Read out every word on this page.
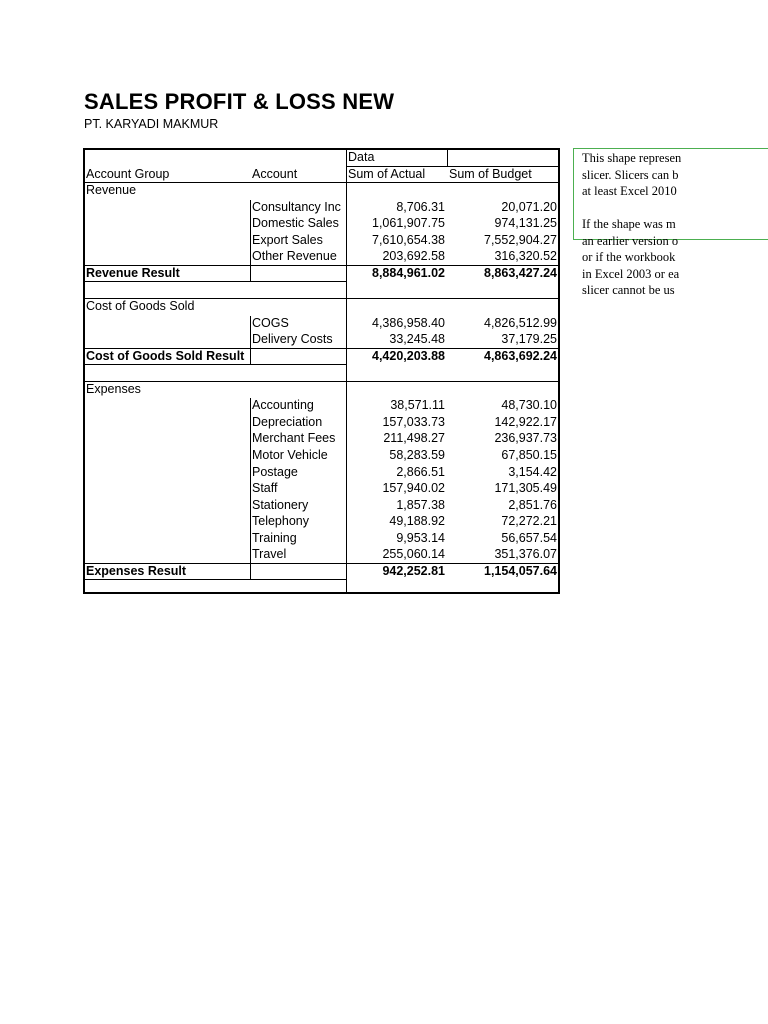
SALES PROFIT & LOSS NEW
PT. KARYADI MAKMUR
Data
Account Group	Account	Sum of Actual	Sum of Budget
Revenue
Consultancy Inc	8,706.31	20,071.20
Domestic Sales	1,061,907.75	974,131.25
Export Sales	7,610,654.38	7,552,904.27
Other Revenue	203,692.58	316,320.52
Revenue Result	8,884,961.02	8,863,427.24
Cost of Goods Sold
COGS	4,386,958.40	4,826,512.99
Delivery Costs	33,245.48	37,179.25
Cost of Goods Sold Result	4,420,203.88	4,863,692.24
Expenses
Accounting	38,571.11	48,730.10
Depreciation	157,033.73	142,922.17
Merchant Fees	211,498.27	236,937.73
Motor Vehicle	58,283.59	67,850.15
Postage	2,866.51	3,154.42
Staff	157,940.02	171,305.49
Stationery	1,857.38	2,851.76
Telephony	49,188.92	72,272.21
Training	9,953.14	56,657.54
Travel	255,060.14	351,376.07
Expenses Result	942,252.81	1,154,057.64
This shape represen
slicer. Slicers can b
at least Excel 2010
If the shape was m
an earlier version o
or if the workbook
in Excel 2003 or ea
slicer cannot be us
